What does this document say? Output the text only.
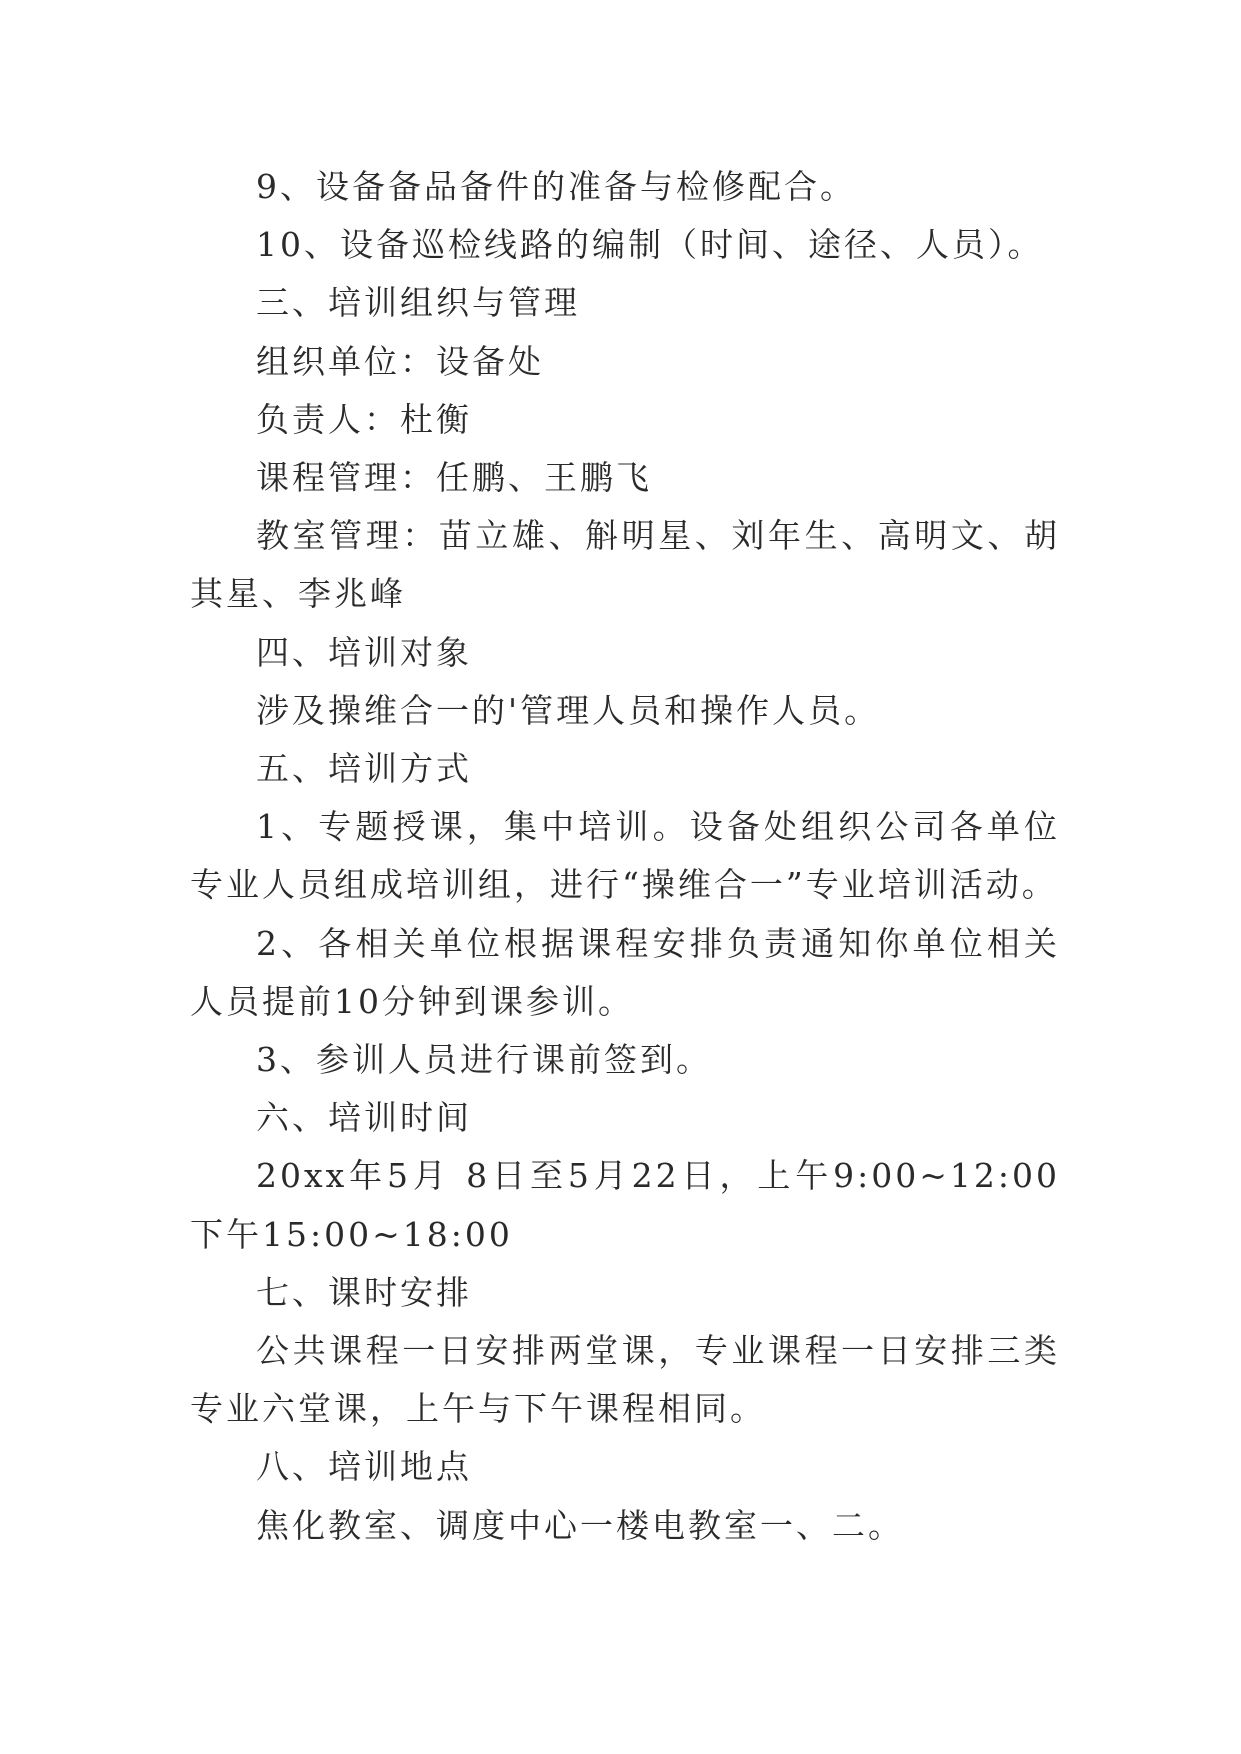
9、设备备品备件的准备与检修配合。

10、设备巡检线路的编制（时间、途径、人员）。

三、培训组织与管理

组织单位：设备处

负责人：杜衡

课程管理：任鹏、王鹏飞

教室管理：苗立雄、斛明星、刘年生、高明文、胡其星、李兆峰

四、培训对象

涉及操维合一的'管理人员和操作人员。

五、培训方式

1、专题授课，集中培训。设备处组织公司各单位专业人员组成培训组，进行“操维合一”专业培训活动。

2、各相关单位根据课程安排负责通知你单位相关人员提前10分钟到课参训。

3、参训人员进行课前签到。

六、培训时间

20xx年5月 8日至5月22日，上午9:00~12:00 下午15:00~18:00

七、课时安排

公共课程一日安排两堂课，专业课程一日安排三类专业六堂课，上午与下午课程相同。

八、培训地点

焦化教室、调度中心一楼电教室一、二。
